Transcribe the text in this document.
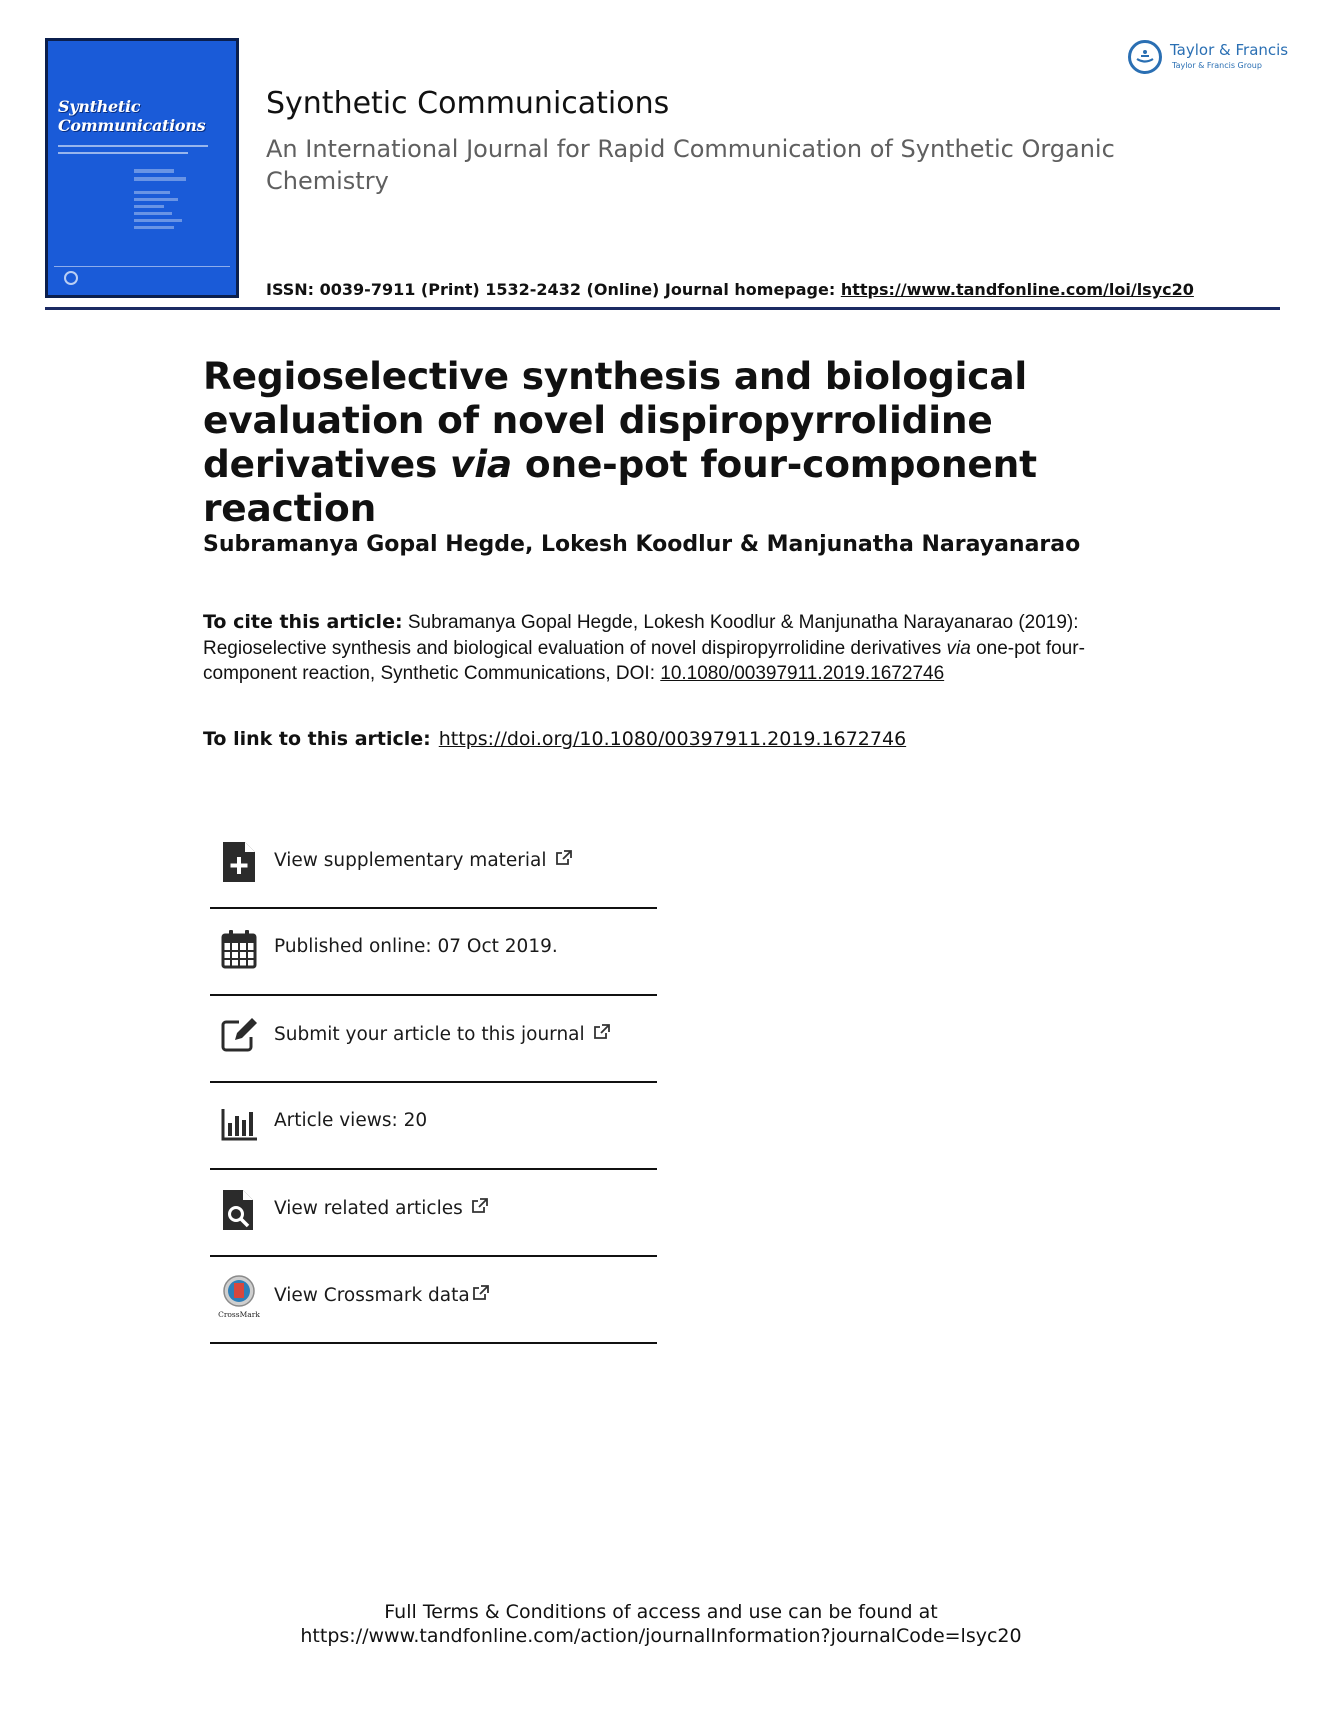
Synthetic
Communications
Synthetic Communications
An International Journal for Rapid Communication of Synthetic Organic Chemistry
ISSN: 0039-7911 (Print) 1532-2432 (Online) Journal homepage: https://www.tandfonline.com/loi/lsyc20
Taylor & Francis
Taylor & Francis Group
Regioselective synthesis and biological evaluation of novel dispiropyrrolidine derivatives via one-pot four-component reaction
Subramanya Gopal Hegde, Lokesh Koodlur & Manjunatha Narayanarao
To cite this article: Subramanya Gopal Hegde, Lokesh Koodlur & Manjunatha Narayanarao (2019): Regioselective synthesis and biological evaluation of novel dispiropyrrolidine derivatives via one-pot four-component reaction, Synthetic Communications, DOI: 10.1080/00397911.2019.1672746
To link to this article: https://doi.org/10.1080/00397911.2019.1672746
View supplementary material
Published online: 07 Oct 2019.
Submit your article to this journal
Article views: 20
View related articles
CrossMark
View Crossmark data
Full Terms & Conditions of access and use can be found at
https://www.tandfonline.com/action/journalInformation?journalCode=lsyc20
